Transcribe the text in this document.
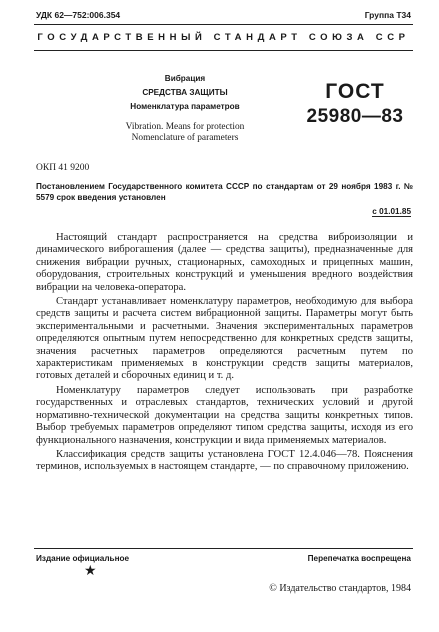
УДК 62—752:006.354	Группа Т34
ГОСУДАРСТВЕННЫЙ СТАНДАРТ СОЮЗА ССР
Вибрация
СРЕДСТВА ЗАЩИТЫ
Номенклатура параметров
Vibration. Means for protection
Nomenclature of parameters
ГОСТ
25980—83
ОКП 41 9200
Постановлением Государственного комитета СССР по стандартам от 29 ноября 1983 г. № 5579 срок введения установлен
с 01.01.85

Настоящий стандарт распространяется на средства виброизоляции и динамического виброгашения (далее — средства защиты), предназначенные для снижения вибрации ручных, стационарных, самоходных и прицепных машин, оборудования, строительных конструкций и уменьшения вредного воздействия вибрации на человека-оператора.

Стандарт устанавливает номенклатуру параметров, необходимую для выбора средств защиты и расчета систем вибрационной защиты. Параметры могут быть экспериментальными и расчетными. Значения экспериментальных параметров определяются опытным путем непосредственно для конкретных средств защиты, значения расчетных параметров определяются расчетным путем по характеристикам применяемых в конструкции средств защиты материалов, готовых деталей и сборочных единиц и т. д.

Номенклатуру параметров следует использовать при разработке государственных и отраслевых стандартов, технических условий и другой нормативно-технической документации на средства защиты конкретных типов. Выбор требуемых параметров определяют типом средства защиты, исходя из его функционального назначения, конструкции и вида применяемых материалов.

Классификация средств защиты установлена ГОСТ 12.4.046—78. Пояснения терминов, используемых в настоящем стандарте, — по справочному приложению.

Издание официальное	Перепечатка воспрещена
★
© Издательство стандартов, 1984
